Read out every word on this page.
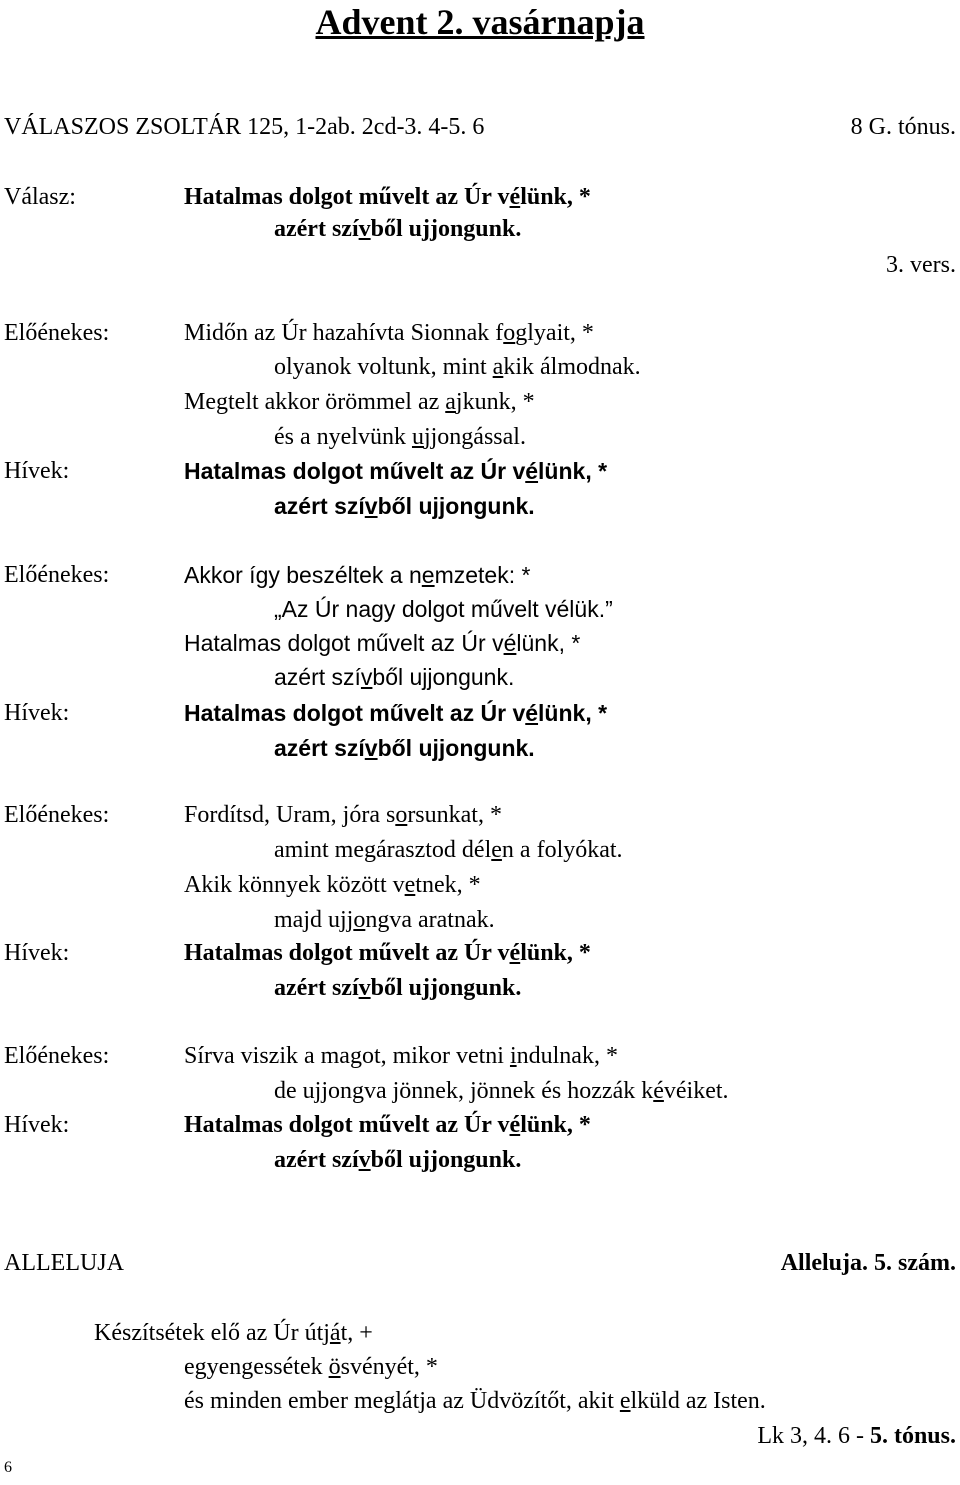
Advent 2. vasárnapja
VÁLASZOS ZSOLTÁR 125, 1-2ab. 2cd-3. 4-5. 6	8 G. tónus.
Válasz:	Hatalmas dolgot művelt az Úr vélünk, *
azért szívből ujjongunk.
3. vers.
Előénekes:	Midőn az Úr hazahívta Sionnak foglyait, *
olyanok voltunk, mint akik álmodnak.
Megtelt akkor örömmel az ajkunk, *
és a nyelvünk ujjongással.
Hívek:	Hatalmas dolgot művelt az Úr vélünk, *
azért szívből ujjongunk.
Előénekes:	Akkor így beszéltek a nemzetek: *
„Az Úr nagy dolgot művelt vélük.”
Hatalmas dolgot művelt az Úr vélünk, *
azért szívből ujjongunk.
Hívek:	Hatalmas dolgot művelt az Úr vélünk, *
azért szívből ujjongunk.
Előénekes:	Fordítsd, Uram, jóra sorsunkat, *
amint megárasztod délen a folyókat.
Akik könnyek között vetnek, *
majd ujjongva aratnak.
Hívek:	Hatalmas dolgot művelt az Úr vélünk, *
azért szívből ujjongunk.
Előénekes:	Sírva viszik a magot, mikor vetni indulnak, *
de ujjongva jönnek, jönnek és hozzák kévéiket.
Hívek:	Hatalmas dolgot művelt az Úr vélünk, *
azért szívből ujjongunk.
ALLELUJA	Alleluja. 5. szám.
Készítsétek elő az Úr útját, +
egyengessétek ösvényét, *
és minden ember meglátja az Üdvözítőt, akit elküld az Isten.
Lk 3, 4. 6 - 5. tónus.
6
